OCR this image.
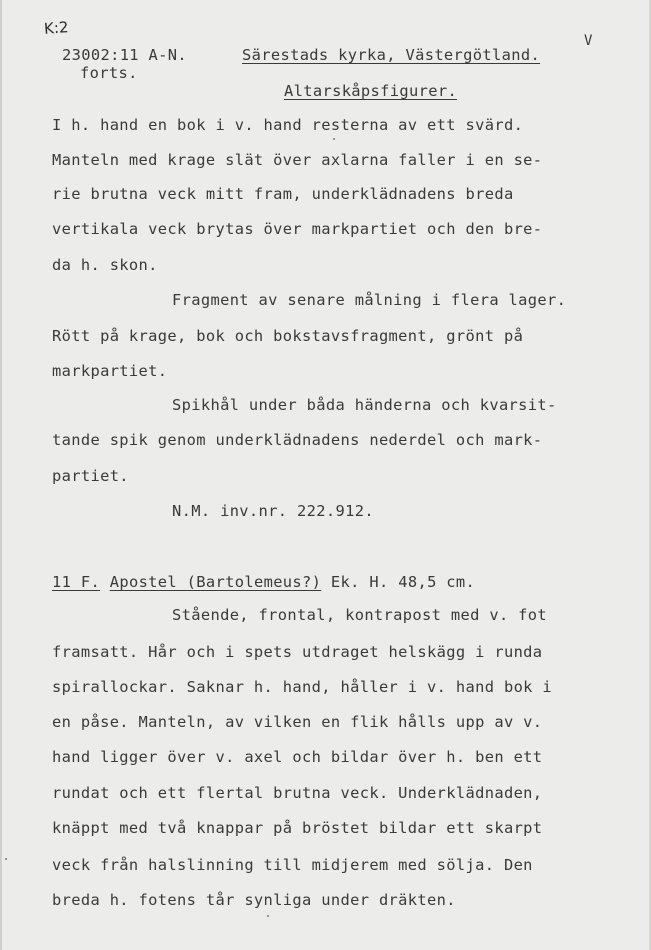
K:2
V
23002:11 A-N.
forts.
Särestads kyrka, Västergötland.
Altarskåpsfigurer.
I h. hand en bok i v. hand resterna av ett svärd.
Manteln med krage slät över axlarna faller i en se-
rie brutna veck mitt fram, underklädnadens breda
vertikala veck brytas över markpartiet och den bre-
da h. skon.
Fragment av senare målning i flera lager.
Rött på krage, bok och bokstavsfragment, grönt på
markpartiet.
Spikhål under båda händerna och kvarsit-
tande spik genom underklädnadens nederdel och mark-
partiet.
N.M. inv.nr. 222.912.
11 F. Apostel (Bartolemeus?) Ek. H. 48,5 cm.
Stående, frontal, kontrapost med v. fot
framsatt. Hår och i spets utdraget helskägg i runda
spirallockar. Saknar h. hand, håller i v. hand bok i
en påse. Manteln, av vilken en flik hålls upp av v.
hand ligger över v. axel och bildar över h. ben ett
rundat och ett flertal brutna veck. Underklädnaden,
knäppt med två knappar på bröstet bildar ett skarpt
veck från halslinning till midjerem med sölja. Den
breda h. fotens tår synliga under dräkten.
